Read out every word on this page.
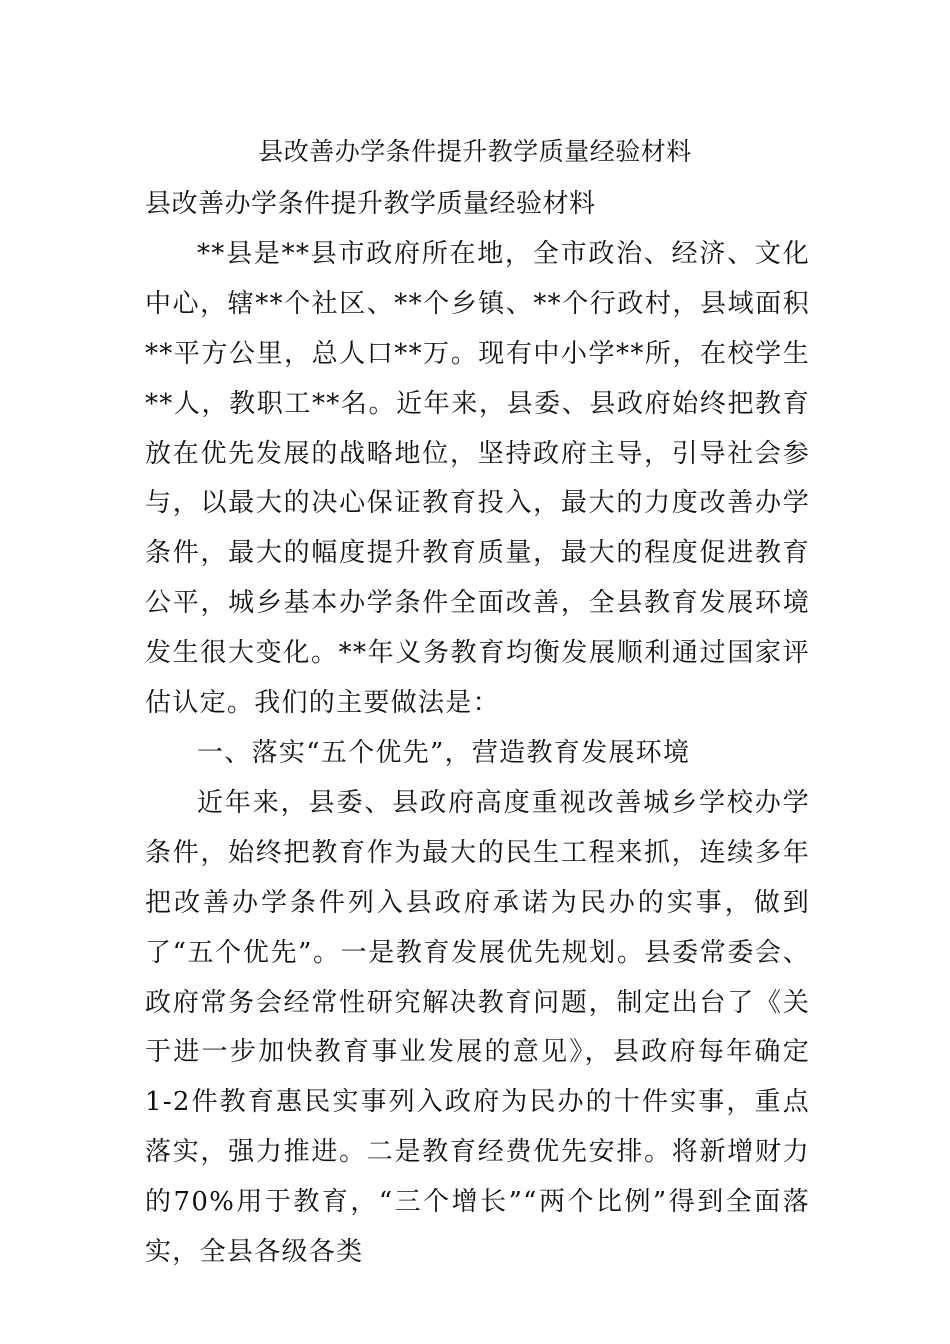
县改善办学条件提升教学质量经验材料

县改善办学条件提升教学质量经验材料

**县是**县市政府所在地，全市政治、经济、文化中心，辖**个社区、**个乡镇、**个行政村，县域面积**平方公里，总人口**万。现有中小学**所，在校学生**人，教职工**名。近年来，县委、县政府始终把教育放在优先发展的战略地位，坚持政府主导，引导社会参与，以最大的决心保证教育投入，最大的力度改善办学条件，最大的幅度提升教育质量，最大的程度促进教育公平，城乡基本办学条件全面改善，全县教育发展环境发生很大变化。**年义务教育均衡发展顺利通过国家评估认定。我们的主要做法是：

一、落实“五个优先”，营造教育发展环境

近年来，县委、县政府高度重视改善城乡学校办学条件，始终把教育作为最大的民生工程来抓，连续多年把改善办学条件列入县政府承诺为民办的实事，做到了“五个优先”。一是教育发展优先规划。县委常委会、政府常务会经常性研究解决教育问题，制定出台了《关于进一步加快教育事业发展的意见》，县政府每年确定1-2件教育惠民实事列入政府为民办的十件实事，重点落实，强力推进。二是教育经费优先安排。将新增财力的70%用于教育，“三个增长”“两个比例”得到全面落实，全县各级各类
